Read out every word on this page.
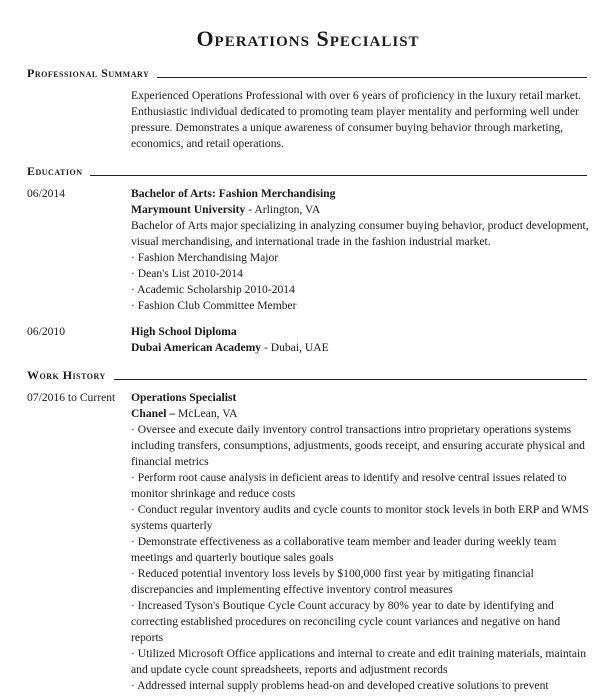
Operations Specialist
Professional Summary
Experienced Operations Professional with over 6 years of proficiency in the luxury retail market. Enthusiastic individual dedicated to promoting team player mentality and performing well under pressure. Demonstrates a unique awareness of consumer buying behavior through marketing, economics, and retail operations.
Education
06/2014	Bachelor of Arts: Fashion Merchandising
Marymount University - Arlington, VA
Bachelor of Arts major specializing in analyzing consumer buying behavior, product development, visual merchandising, and international trade in the fashion industrial market.
· Fashion Merchandising Major
· Dean's List 2010-2014
· Academic Scholarship 2010-2014
· Fashion Club Committee Member
06/2010	High School Diploma
Dubai American Academy - Dubai, UAE
Work History
07/2016 to Current Operations Specialist
Chanel – McLean, VA
· Oversee and execute daily inventory control transactions intro proprietary operations systems including transfers, consumptions, adjustments, goods receipt, and ensuring accurate physical and financial metrics
· Perform root cause analysis in deficient areas to identify and resolve central issues related to monitor shrinkage and reduce costs
· Conduct regular inventory audits and cycle counts to monitor stock levels in both ERP and WMS systems quarterly
· Demonstrate effectiveness as a collaborative team member and leader during weekly team meetings and quarterly boutique sales goals
· Reduced potential inventory loss levels by $100,000 first year by mitigating financial discrepancies and implementing effective inventory control measures
· Increased Tyson's Boutique Cycle Count accuracy by 80% year to date by identifying and correcting established procedures on reconciling cycle count variances and negative on hand reports
· Utilized Microsoft Office applications and internal to create and edit training materials, maintain and update cycle count spreadsheets, reports and adjustment records
· Addressed internal supply problems head-on and developed creative solutions to prevent
